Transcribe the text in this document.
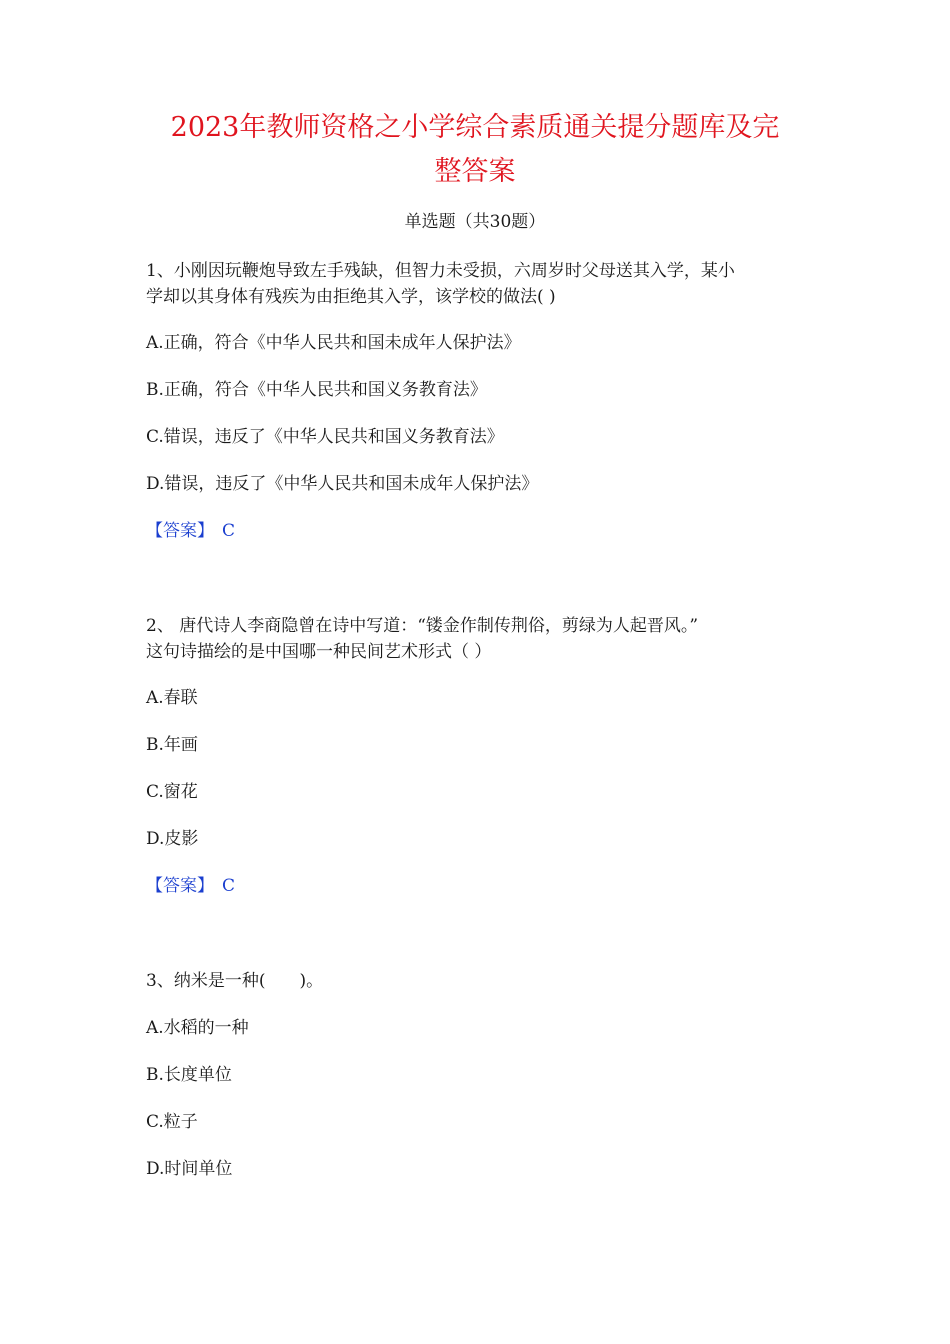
2023年教师资格之小学综合素质通关提分题库及完
整答案
单选题（共30题）
1、小刚因玩鞭炮导致左手残缺，但智力未受损，六周岁时父母送其入学，某小
学却以其身体有残疾为由拒绝其入学，该学校的做法( )
A.正确，符合《中华人民共和国未成年人保护法》
B.正确，符合《中华人民共和国义务教育法》
C.错误，违反了《中华人民共和国义务教育法》
D.错误，违反了《中华人民共和国未成年人保护法》
【答案】 C
2、 唐代诗人李商隐曾在诗中写道：“镂金作制传荆俗，剪绿为人起晋风。”
这句诗描绘的是中国哪一种民间艺术形式（ ）
A.春联
B.年画
C.窗花
D.皮影
【答案】 C
3、纳米是一种(　　)。
A.水稻的一种
B.长度单位
C.粒子
D.时间单位
